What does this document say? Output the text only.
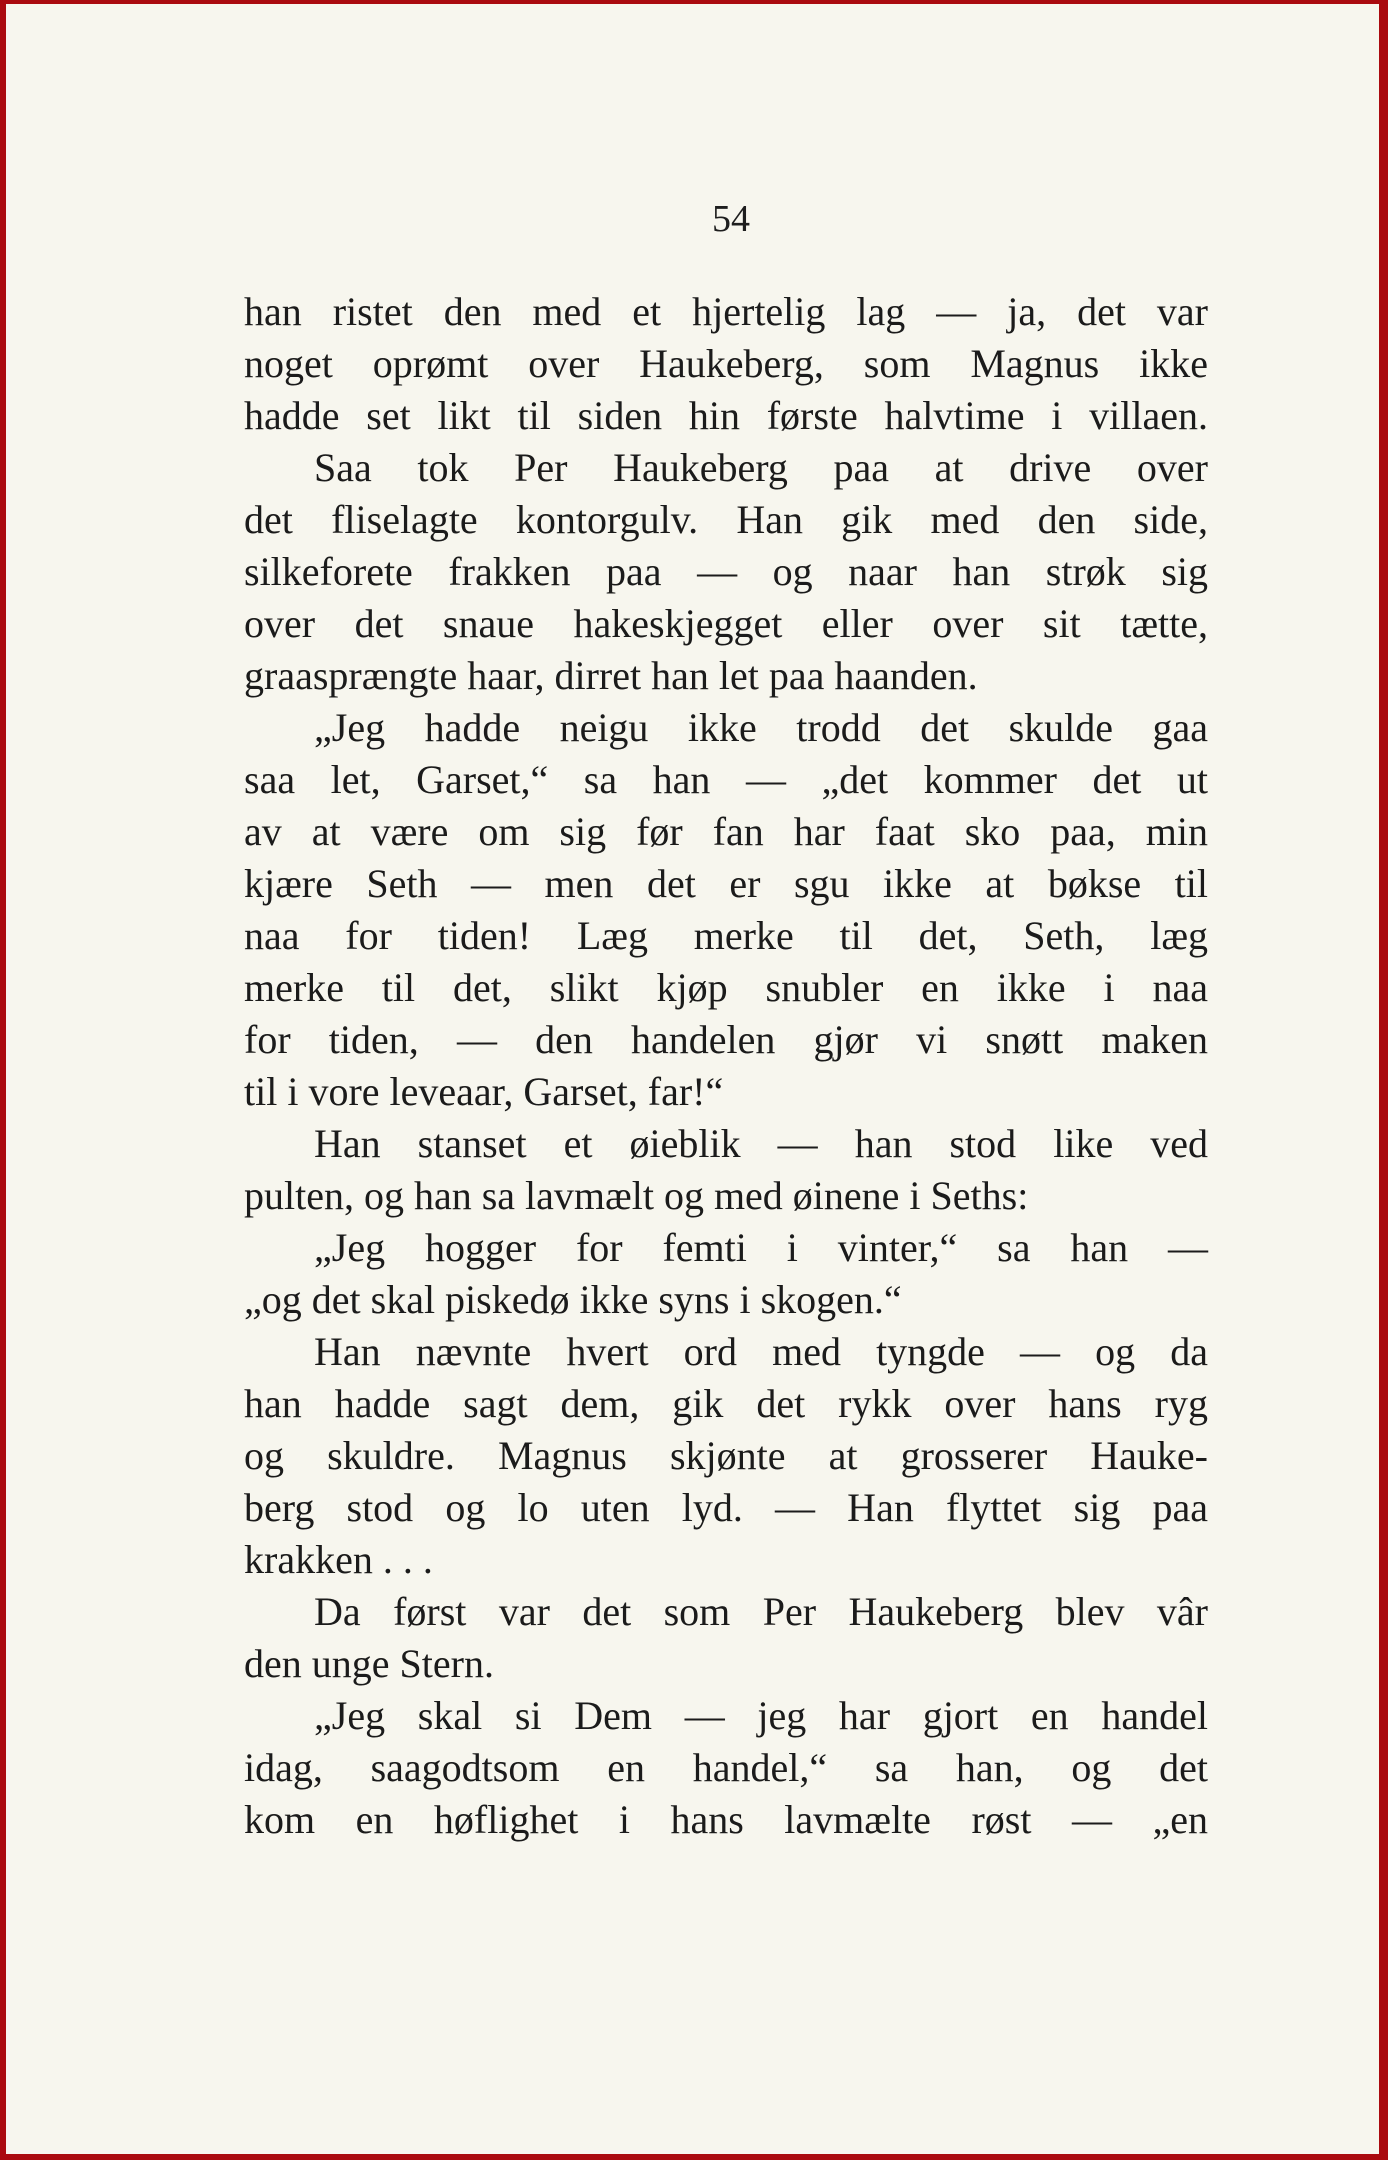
54
han ristet den med et hjertelig lag — ja, det var
noget oprømt over Haukeberg, som Magnus ikke
hadde set likt til siden hin første halvtime i villaen.
Saa tok Per Haukeberg paa at drive over
det fliselagte kontorgulv. Han gik med den side,
silkeforete frakken paa — og naar han strøk sig
over det snaue hakeskjegget eller over sit tætte,
graasprængte haar, dirret han let paa haanden.
„Jeg hadde neigu ikke trodd det skulde gaa
saa let, Garset,“ sa han — „det kommer det ut
av at være om sig før fan har faat sko paa, min
kjære Seth — men det er sgu ikke at bøkse til
naa for tiden! Læg merke til det, Seth, læg
merke til det, slikt kjøp snubler en ikke i naa
for tiden, — den handelen gjør vi snøtt maken
til i vore leveaar, Garset, far!“
Han stanset et øieblik — han stod like ved
pulten, og han sa lavmælt og med øinene i Seths:
„Jeg hogger for femti i vinter,“ sa han —
„og det skal piskedø ikke syns i skogen.“
Han nævnte hvert ord med tyngde — og da
han hadde sagt dem, gik det rykk over hans ryg
og skuldre. Magnus skjønte at grosserer Hauke-
berg stod og lo uten lyd. — Han flyttet sig paa
krakken . . .
Da først var det som Per Haukeberg blev vâr
den unge Stern.
„Jeg skal si Dem — jeg har gjort en handel
idag, saagodtsom en handel,“ sa han, og det
kom en høflighet i hans lavmælte røst — „en
